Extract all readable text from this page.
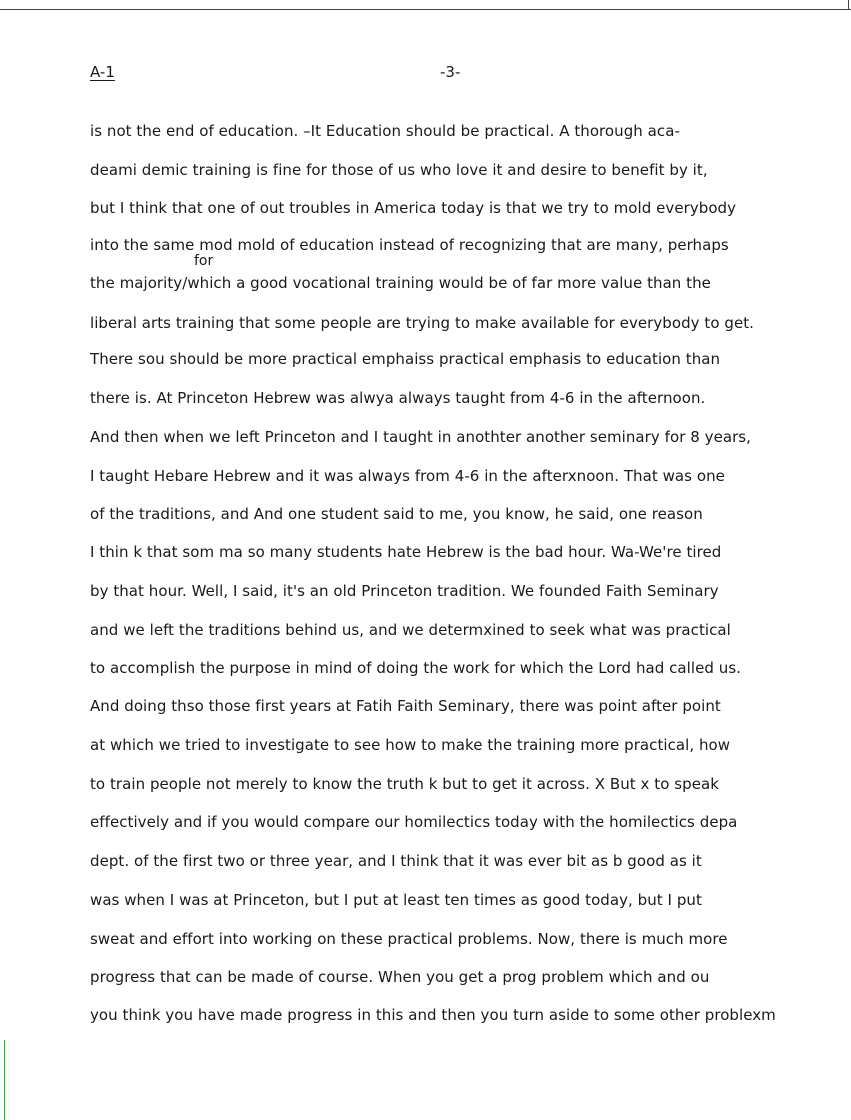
A-1	-3-
for
is not the end of education. –It Education should be practical. A thorough aca-
deami demic training is fine for those of us who love it and desire to benefit by it,
but I think that one of out troubles in America today is that we try to mold everybody
into the same mod mold of education instead of recognizing that are many, perhaps
the majority/which a good vocational training would be of far more value than the
liberal arts training that some people are trying to make available for everybody to get.
There sou should be more practical emphaiss practical emphasis to education than
there is. At Princeton Hebrew was alwya always taught from 4-6 in the afternoon.
And then when we left Princeton and I taught in anothter another seminary for 8 years,
I taught Hebare Hebrew and it was always from 4-6 in the afterxnoon. That was one
of the traditions, and And one student said to me, you know, he said, one reason
I thin k that som ma so many students hate Hebrew is the bad hour. Wa-We're tired
by that hour. Well, I said, it's an old Princeton tradition. We founded Faith Seminary
and we left the traditions behind us, and we determxined to seek what was practical
to accomplish the purpose in mind of doing the work for which the Lord had called us.
And doing thso those first years at Fatih Faith Seminary, there was point after point
at which we tried to investigate to see how to make the training more practical, how
to train people not merely to know the truth k but to get it across. X But x to speak
effectively and if you would compare our homilectics today with the homilectics depa
dept. of the first two or three year, and I think that it was ever bit as b good as it
was when I was at Princeton, but I put at least ten times as good today, but I put
sweat and effort into working on these practical problems. Now, there is much more
progress that can be made of course. When you get a prog problem which and ou
you think you have made progress in this and then you turn aside to some other problexm
